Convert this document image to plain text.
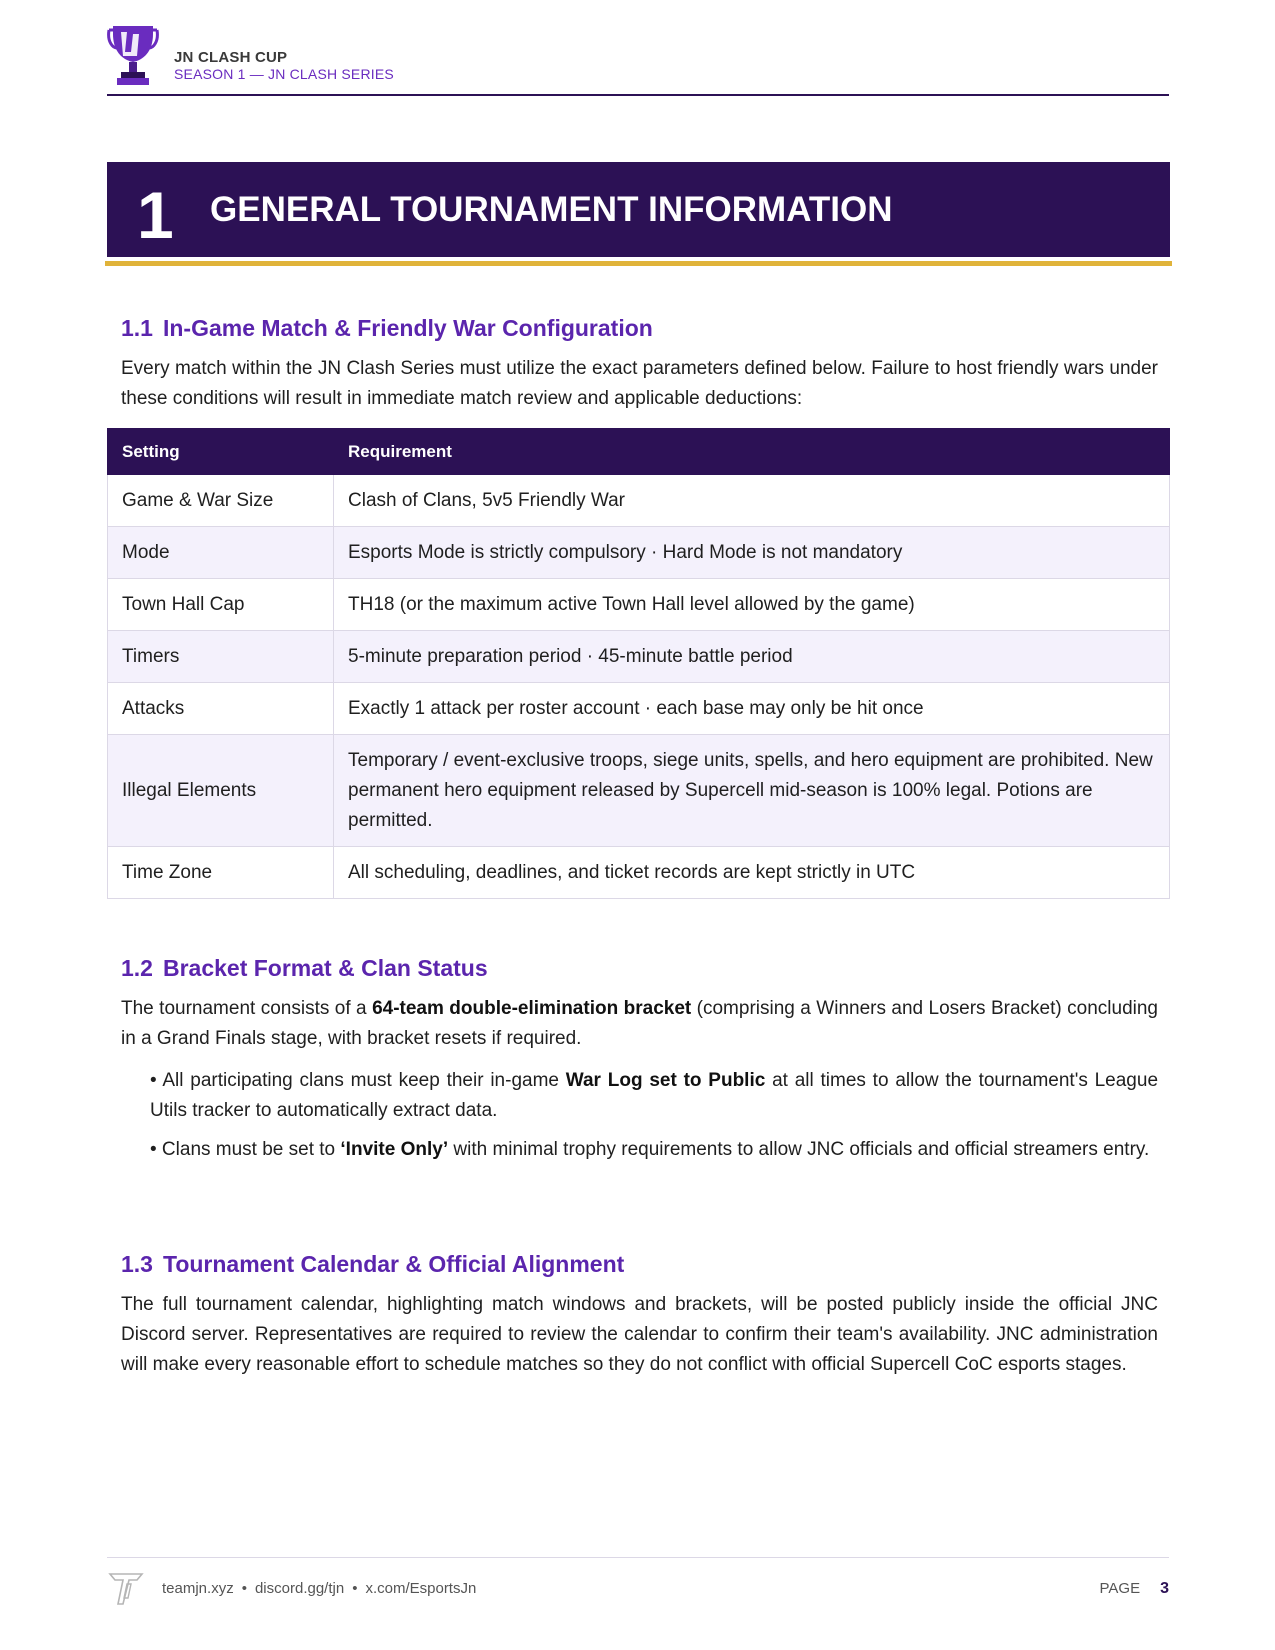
JN CLASH CUP
SEASON 1 — JN CLASH SERIES
1 GENERAL TOURNAMENT INFORMATION
1.1 In-Game Match & Friendly War Configuration

Every match within the JN Clash Series must utilize the exact parameters defined below. Failure to host friendly wars under these conditions will result in immediate match review and applicable deductions:

Setting	Requirement
Game & War Size	Clash of Clans, 5v5 Friendly War
Mode	Esports Mode is strictly compulsory · Hard Mode is not mandatory
Town Hall Cap	TH18 (or the maximum active Town Hall level allowed by the game)
Timers	5-minute preparation period · 45-minute battle period
Attacks	Exactly 1 attack per roster account · each base may only be hit once
Illegal Elements	Temporary / event-exclusive troops, siege units, spells, and hero equipment are prohibited. New permanent hero equipment released by Supercell mid-season is 100% legal. Potions are permitted.
Time Zone	All scheduling, deadlines, and ticket records are kept strictly in UTC
1.2 Bracket Format & Clan Status

The tournament consists of a 64-team double-elimination bracket (comprising a Winners and Losers Bracket) concluding in a Grand Finals stage, with bracket resets if required.

• All participating clans must keep their in-game War Log set to Public at all times to allow the tournament's League Utils tracker to automatically extract data.

• Clans must be set to ‘Invite Only’ with minimal trophy requirements to allow JNC officials and official streamers entry.

1.3 Tournament Calendar & Official Alignment

The full tournament calendar, highlighting match windows and brackets, will be posted publicly inside the official JNC Discord server. Representatives are required to review the calendar to confirm their team's availability. JNC administration will make every reasonable effort to schedule matches so they do not conflict with official Supercell CoC esports stages.

teamjn.xyz • discord.gg/tjn • x.com/EsportsJn	PAGE 3
